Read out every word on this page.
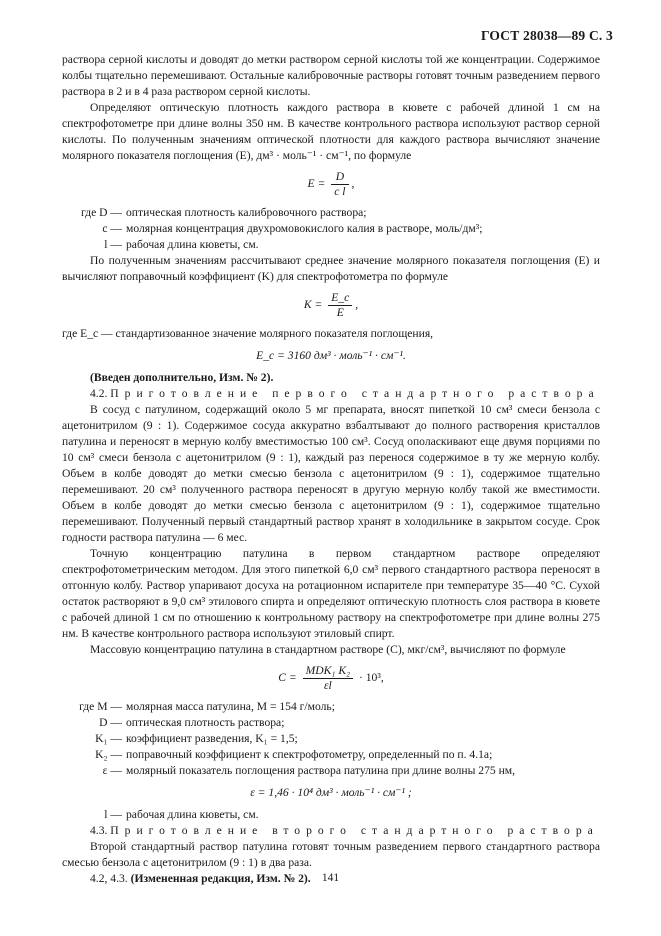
ГОСТ 28038—89 С. 3

раствора серной кислоты и доводят до метки раствором серной кислоты той же концентрации. Содержимое колбы тщательно перемешивают. Остальные калибровочные растворы готовят точным разведением первого раствора в 2 и в 4 раза раствором серной кислоты.

Определяют оптическую плотность каждого раствора в кювете с рабочей длиной 1 см на спектрофотометре при длине волны 350 нм. В качестве контрольного раствора используют раствор серной кислоты. По полученным значениям оптической плотности для каждого раствора вычисляют значение молярного показателя поглощения (E), дм³ · моль⁻¹ · см⁻¹, по формуле

$E = \frac{D}{\text{c l}}$ ,
где D — оптическая плотность калибровочного раствора;
c — молярная концентрация двухромовокислого калия в растворе, моль/дм³;
l — рабочая длина кюветы, см.

По полученным значениям рассчитывают среднее значение молярного показателя поглощения (E) и вычисляют поправочный коэффициент (K) для спектрофотометра по формуле

$K = \frac{E\_c}{E}$ ,

где E_c — стандартизованное значение молярного показателя поглощения,

E_c = 3160 дм³ · моль⁻¹ · см⁻¹.

(Введен дополнительно, Изм. № 2).

4.2. Приготовление первого стандартного раствора

В сосуд с патулином, содержащий около 5 мг препарата, вносят пипеткой 10 см³ смеси бензола с ацетонитрилом (9 : 1). Содержимое сосуда аккуратно взбалтывают до полного растворения кристаллов патулина и переносят в мерную колбу вместимостью 100 см³. Сосуд ополаскивают еще двумя порциями по 10 см³ смеси бензола с ацетонитрилом (9 : 1), каждый раз перенося содержимое в ту же мерную колбу. Объем в колбе доводят до метки смесью бензола с ацетонитрилом (9 : 1), содержимое тщательно перемешивают. 20 см³ полученного раствора переносят в другую мерную колбу такой же вместимости. Объем в колбе доводят до метки смесью бензола с ацетонитрилом (9 : 1), содержимое тщательно перемешивают. Полученный первый стандартный раствор хранят в холодильнике в закрытом сосуде. Срок годности раствора патулина — 6 мес.

Точную концентрацию патулина в первом стандартном растворе определяют спектрофотометрическим методом. Для этого пипеткой 6,0 см³ первого стандартного раствора переносят в отгонную колбу. Раствор упаривают досуха на ротационном испарителе при температуре 35—40 °С. Сухой остаток растворяют в 9,0 см³ этилового спирта и определяют оптическую плотность слоя раствора в кювете с рабочей длиной 1 см по отношению к контрольному раствору на спектрофотометре при длине волны 275 нм. В качестве контрольного раствора используют этиловый спирт.

Массовую концентрацию патулина в стандартном растворе (C), мкг/см³, вычисляют по формуле

$C = \frac{\text{MDK₁ K₂}}{\varepsilon l} \cdot 10^3$,
где M — молярная масса патулина, M = 154 г/моль;
D — оптическая плотность раствора;
K₁ — коэффициент разведения, K₁ = 1,5;
K₂ — поправочный коэффициент к спектрофотометру, определенный по п. 4.1а;
ε — молярный показатель поглощения раствора патулина при длине волны 275 нм,
ε = 1,46 · 10⁴ дм³ · моль⁻¹ · см⁻¹ ;
l — рабочая длина кюветы, см.

4.3. Приготовление второго стандартного раствора

Второй стандартный раствор патулина готовят точным разведением первого стандартного раствора смесью бензола с ацетонитрилом (9 : 1) в два раза.

4.2, 4.3. (Измененная редакция, Изм. № 2). 141
